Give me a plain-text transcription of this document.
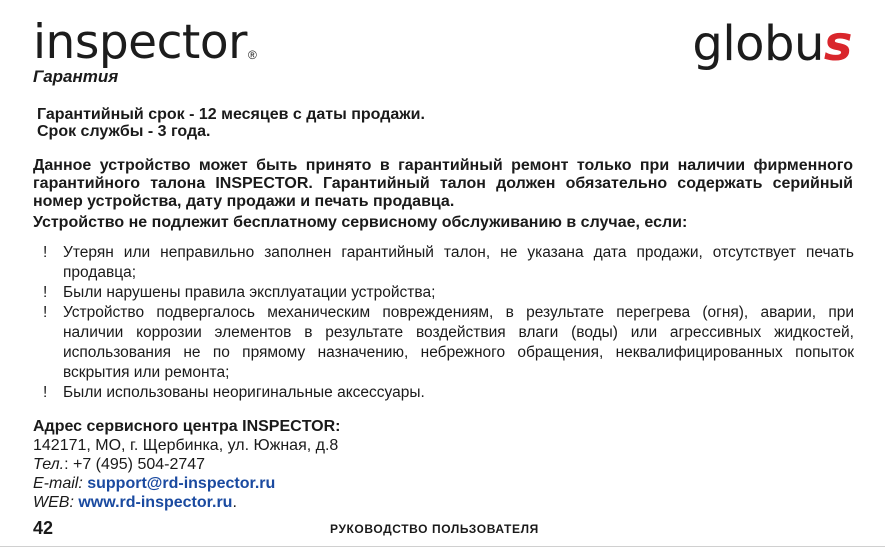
inspector®
Гарантия
globus
Гарантийный срок - 12 месяцев с даты продажи.
Срок службы - 3 года.
Данное устройство может быть принято в гарантийный ремонт только при наличии фирменного
гарантийного талона INSPECTOR. Гарантийный талон должен обязательно содержать серийный
номер устройства, дату продажи и печать продавца.
Устройство не подлежит бесплатному сервисному обслуживанию в случае, если:
! Утерян или неправильно заполнен гарантийный талон, не указана дата продажи, отсутствует печать
продавца;
! Были нарушены правила эксплуатации устройства;
! Устройство подвергалось механическим повреждениям, в результате перегрева (огня), аварии, при
наличии коррозии элементов в результате воздействия влаги (воды) или агрессивных жидкостей,
использования не по прямому назначению, небрежного обращения, неквалифицированных попыток
вскрытия или ремонта;
! Были использованы неоригинальные аксессуары.
Адрес сервисного центра INSPECTOR:
142171, МО, г. Щербинка, ул. Южная, д.8
Тел.: +7 (495) 504-2747
E-mail: support@rd-inspector.ru
WEB: www.rd-inspector.ru.
42	РУКОВОДСТВО ПОЛЬЗОВАТЕЛЯ
